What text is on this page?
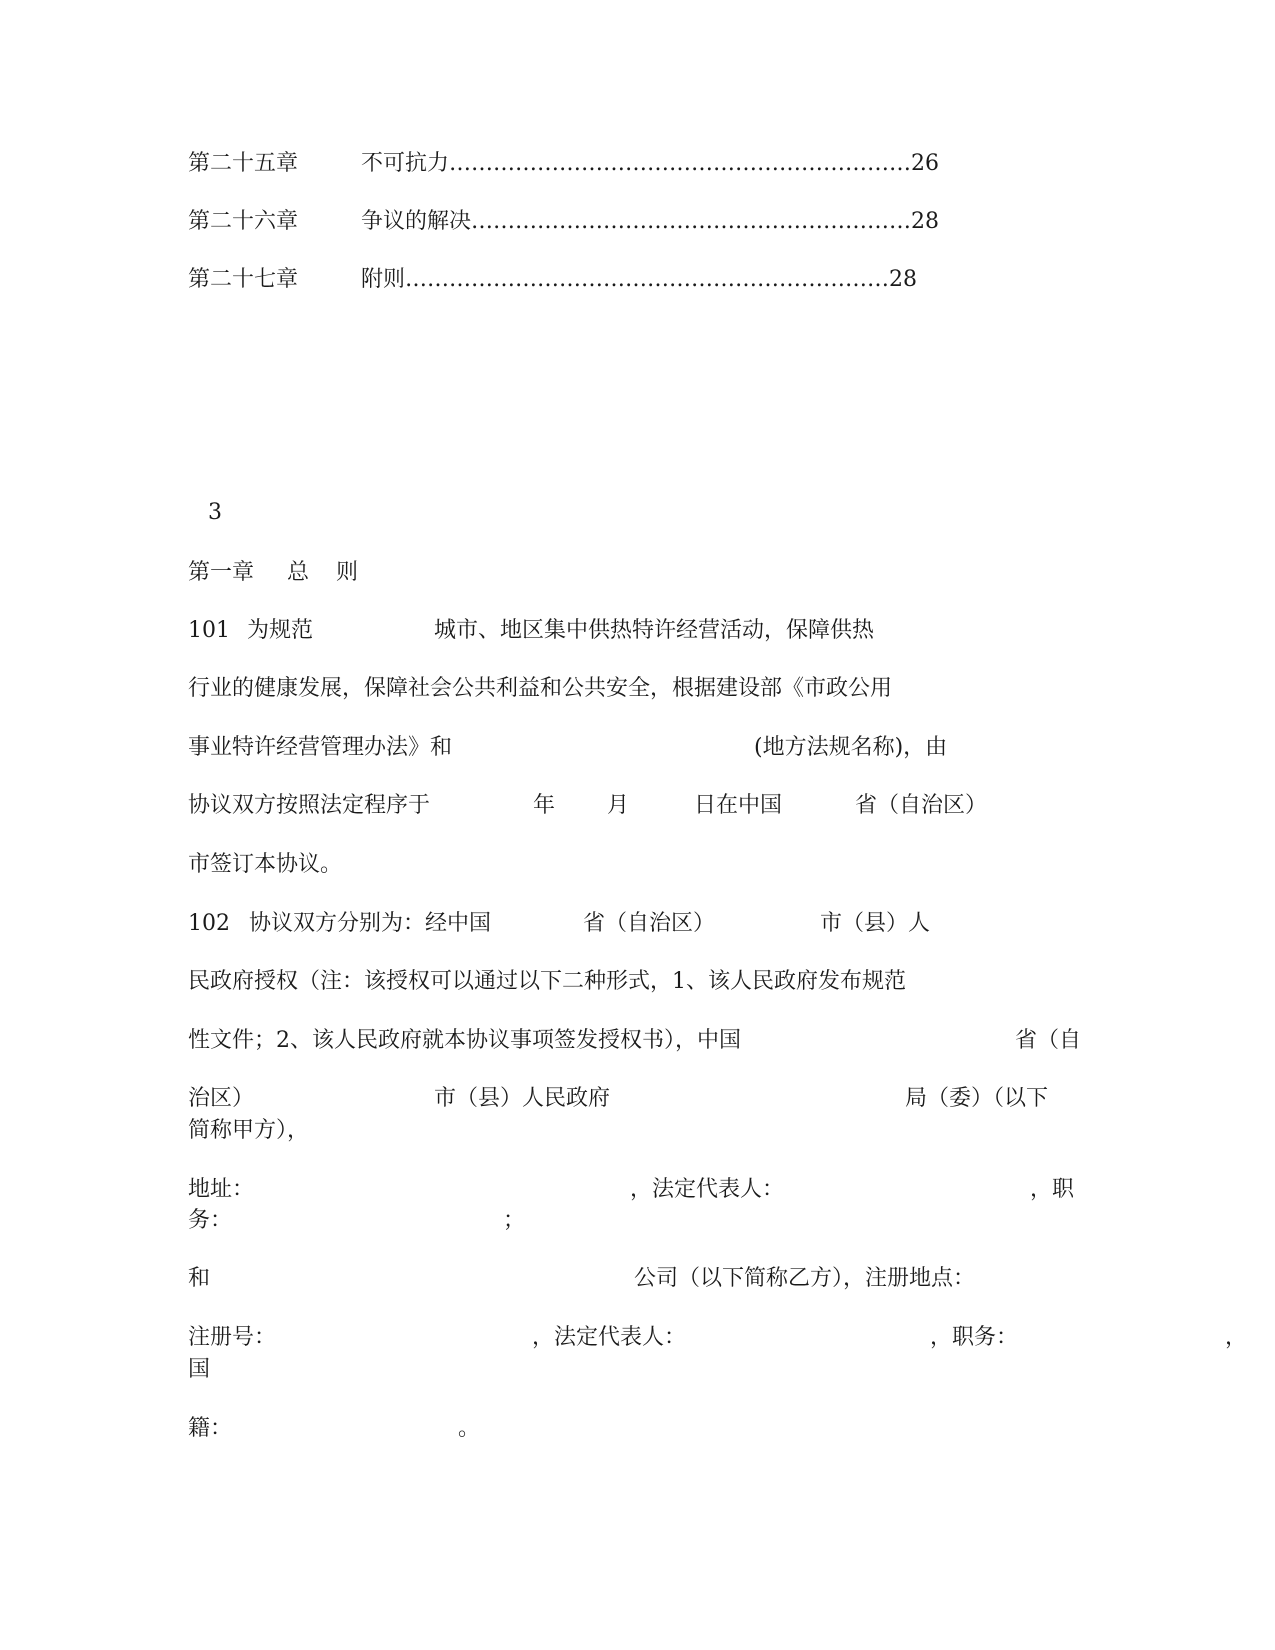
第二十五章	不可抗力………………………………………………………26
第二十六章	争议的解决……………………………………………………28
第二十七章	附则…………………………………………………………28
3
第一章 总 则
101 为规范	城市、地区集中供热特许经营活动，保障供热
行业的健康发展，保障社会公共利益和公共安全，根据建设部《市政公用
事业特许经营管理办法》和	(地方法规名称)，由
协议双方按照法定程序于	年 月	日在中国	省（自治区）
市签订本协议。
102 协议双方分别为：经中国	省（自治区）	市（县）人
民政府授权（注：该授权可以通过以下二种形式，1、该人民政府发布规范
性文件；2、该人民政府就本协议事项签发授权书），中国	省（自
治区）	市（县）人民政府	局（委）（以下
简称甲方），
地址：	，法定代表人：	，职
务：	；
和	公司（以下简称乙方），注册地点：
注册号：	，法定代表人：	，职务：	，
国
籍：	。
